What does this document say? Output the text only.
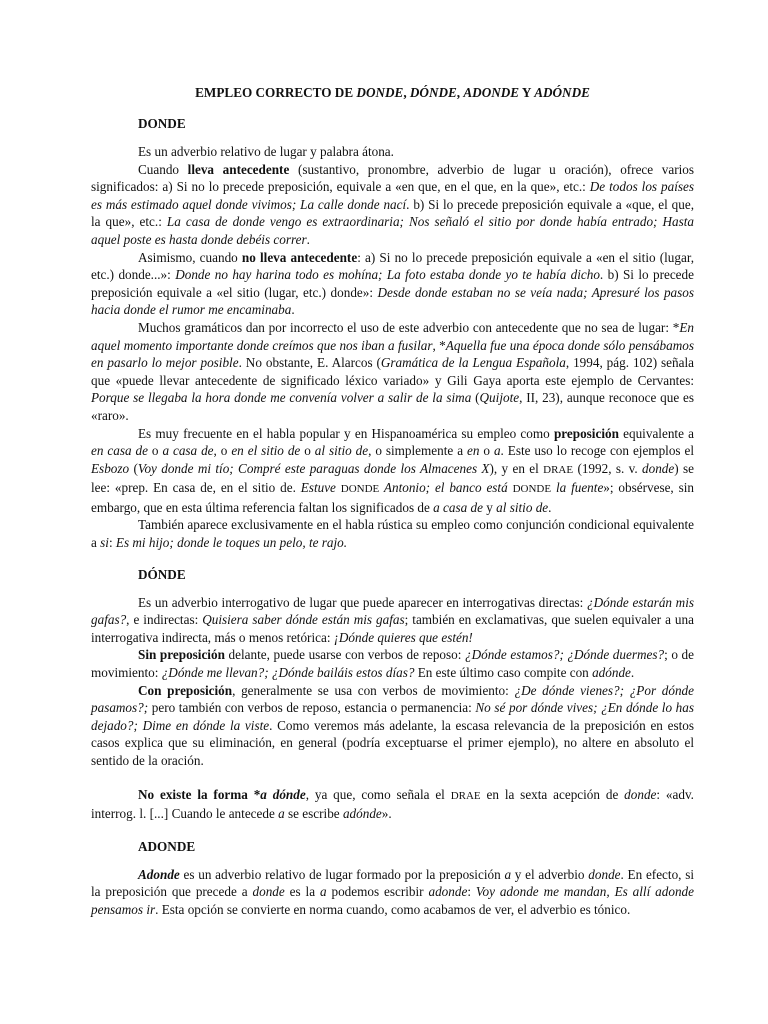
EMPLEO CORRECTO DE DONDE, DÓNDE, ADONDE Y ADÓNDE
DONDE

Es un adverbio relativo de lugar y palabra átona.

Cuando lleva antecedente (sustantivo, pronombre, adverbio de lugar u oración), ofrece varios significados: a) Si no lo precede preposición, equivale a «en que, en el que, en la que», etc.: De todos los países es más estimado aquel donde vivimos; La calle donde nací. b) Si lo precede preposición equivale a «que, el que, la que», etc.: La casa de donde vengo es extraordinaria; Nos señaló el sitio por donde había entrado; Hasta aquel poste es hasta donde debéis correr.

Asimismo, cuando no lleva antecedente: a) Si no lo precede preposición equivale a «en el sitio (lugar, etc.) donde...»: Donde no hay harina todo es mohína; La foto estaba donde yo te había dicho. b) Si lo precede preposición equivale a «el sitio (lugar, etc.) donde»: Desde donde estaban no se veía nada; Apresuré los pasos hacia donde el rumor me encaminaba.

Muchos gramáticos dan por incorrecto el uso de este adverbio con antecedente que no sea de lugar: *En aquel momento importante donde creímos que nos iban a fusilar, *Aquella fue una época donde sólo pensábamos en pasarlo lo mejor posible. No obstante, E. Alarcos (Gramática de la Lengua Española, 1994, pág. 102) señala que «puede llevar antecedente de significado léxico variado» y Gili Gaya aporta este ejemplo de Cervantes: Porque se llegaba la hora donde me convenía volver a salir de la sima (Quijote, II, 23), aunque reconoce que es «raro».

Es muy frecuente en el habla popular y en Hispanoamérica su empleo como preposición equivalente a en casa de o a casa de, o en el sitio de o al sitio de, o simplemente a en o a. Este uso lo recoge con ejemplos el Esbozo (Voy donde mi tío; Compré este paraguas donde los Almacenes X), y en el DRAE (1992, s. v. donde) se lee: «prep. En casa de, en el sitio de. Estuve DONDE Antonio; el banco está DONDE la fuente»; obsérvese, sin embargo, que en esta última referencia faltan los significados de a casa de y al sitio de.

También aparece exclusivamente en el habla rústica su empleo como conjunción condicional equivalente a si: Es mi hijo; donde le toques un pelo, te rajo.

DÓNDE

Es un adverbio interrogativo de lugar que puede aparecer en interrogativas directas: ¿Dónde estarán mis gafas?, e indirectas: Quisiera saber dónde están mis gafas; también en exclamativas, que suelen equivaler a una interrogativa indirecta, más o menos retórica: ¡Dónde quieres que estén!

Sin preposición delante, puede usarse con verbos de reposo: ¿Dónde estamos?; ¿Dónde duermes?; o de movimiento: ¿Dónde me llevan?; ¿Dónde bailáis estos días? En este último caso compite con adónde.

Con preposición, generalmente se usa con verbos de movimiento: ¿De dónde vienes?; ¿Por dónde pasamos?; pero también con verbos de reposo, estancia o permanencia: No sé por dónde vives; ¿En dónde lo has dejado?; Dime en dónde la viste. Como veremos más adelante, la escasa relevancia de la preposición en estos casos explica que su eliminación, en general (podría exceptuarse el primer ejemplo), no altere en absoluto el sentido de la oración.

No existe la forma *a dónde, ya que, como señala el DRAE en la sexta acepción de donde: «adv. interrog. l. [...] Cuando le antecede a se escribe adónde».

ADONDE

Adonde es un adverbio relativo de lugar formado por la preposición a y el adverbio donde. En efecto, si la preposición que precede a donde es la a podemos escribir adonde: Voy adonde me mandan, Es allí adonde pensamos ir. Esta opción se convierte en norma cuando, como acabamos de ver, el adverbio es tónico.
